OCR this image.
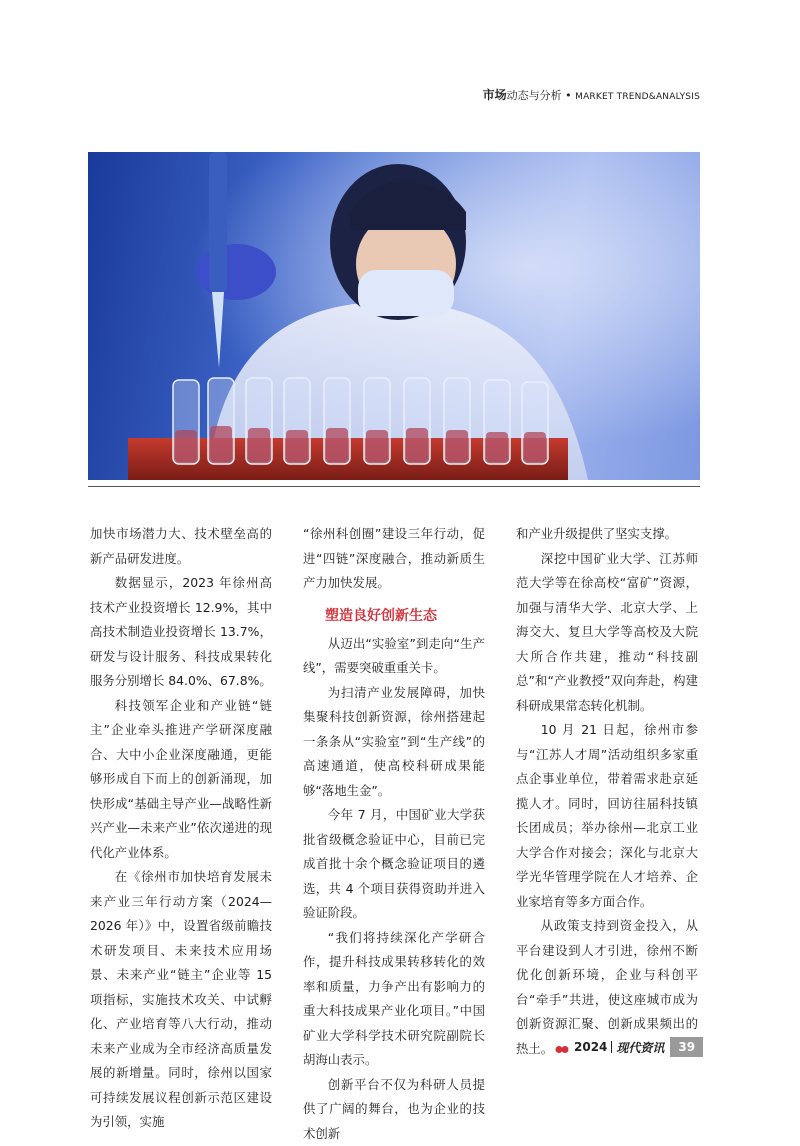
市场动态与分析 • MARKET TREND&ANALYSIS

加快市场潜力大、技术壁垒高的新产品研发进度。

数据显示，2023 年徐州高技术产业投资增长 12.9%，其中高技术制造业投资增长 13.7%，研发与设计服务、科技成果转化服务分别增长 84.0%、67.8%。

科技领军企业和产业链“链主”企业牵头推进产学研深度融合、大中小企业深度融通，更能够形成自下而上的创新涌现，加快形成“基础主导产业—战略性新兴产业—未来产业”依次递进的现代化产业体系。

在《徐州市加快培育发展未来产业三年行动方案（2024—2026 年）》中，设置省级前瞻技术研发项目、未来技术应用场景、未来产业“链主”企业等 15 项指标，实施技术攻关、中试孵化、产业培育等八大行动，推动未来产业成为全市经济高质量发展的新增量。同时，徐州以国家可持续发展议程创新示范区建设为引领，实施

“徐州科创圈”建设三年行动，促进“四链”深度融合，推动新质生产力加快发展。

塑造良好创新生态

从迈出“实验室”到走向“生产线”，需要突破重重关卡。

为扫清产业发展障碍，加快集聚科技创新资源，徐州搭建起一条条从“实验室”到“生产线”的高速通道，使高校科研成果能够“落地生金”。

今年 7 月，中国矿业大学获批省级概念验证中心，目前已完成首批十余个概念验证项目的遴选，共 4 个项目获得资助并进入验证阶段。

“我们将持续深化产学研合作，提升科技成果转移转化的效率和质量，力争产出有影响力的重大科技成果产业化项目。”中国矿业大学科学技术研究院副院长胡海山表示。

创新平台不仅为科研人员提供了广阔的舞台，也为企业的技术创新

和产业升级提供了坚实支撑。

深挖中国矿业大学、江苏师范大学等在徐高校“富矿”资源，加强与清华大学、北京大学、上海交大、复旦大学等高校及大院大所合作共建，推动“科技副总”和“产业教授”双向奔赴，构建科研成果常态转化机制。

10 月 21 日起，徐州市参与“江苏人才周”活动组织多家重点企事业单位，带着需求赴京延揽人才。同时，回访往届科技镇长团成员；举办徐州—北京工业大学合作对接会；深化与北京大学光华管理学院在人才培养、企业家培育等多方面合作。

从政策支持到资金投入，从平台建设到人才引进，徐州不断优化创新环境，企业与科创平台“牵手”共进，使这座城市成为创新资源汇聚、创新成果频出的热土。	2024 现代资讯	39
